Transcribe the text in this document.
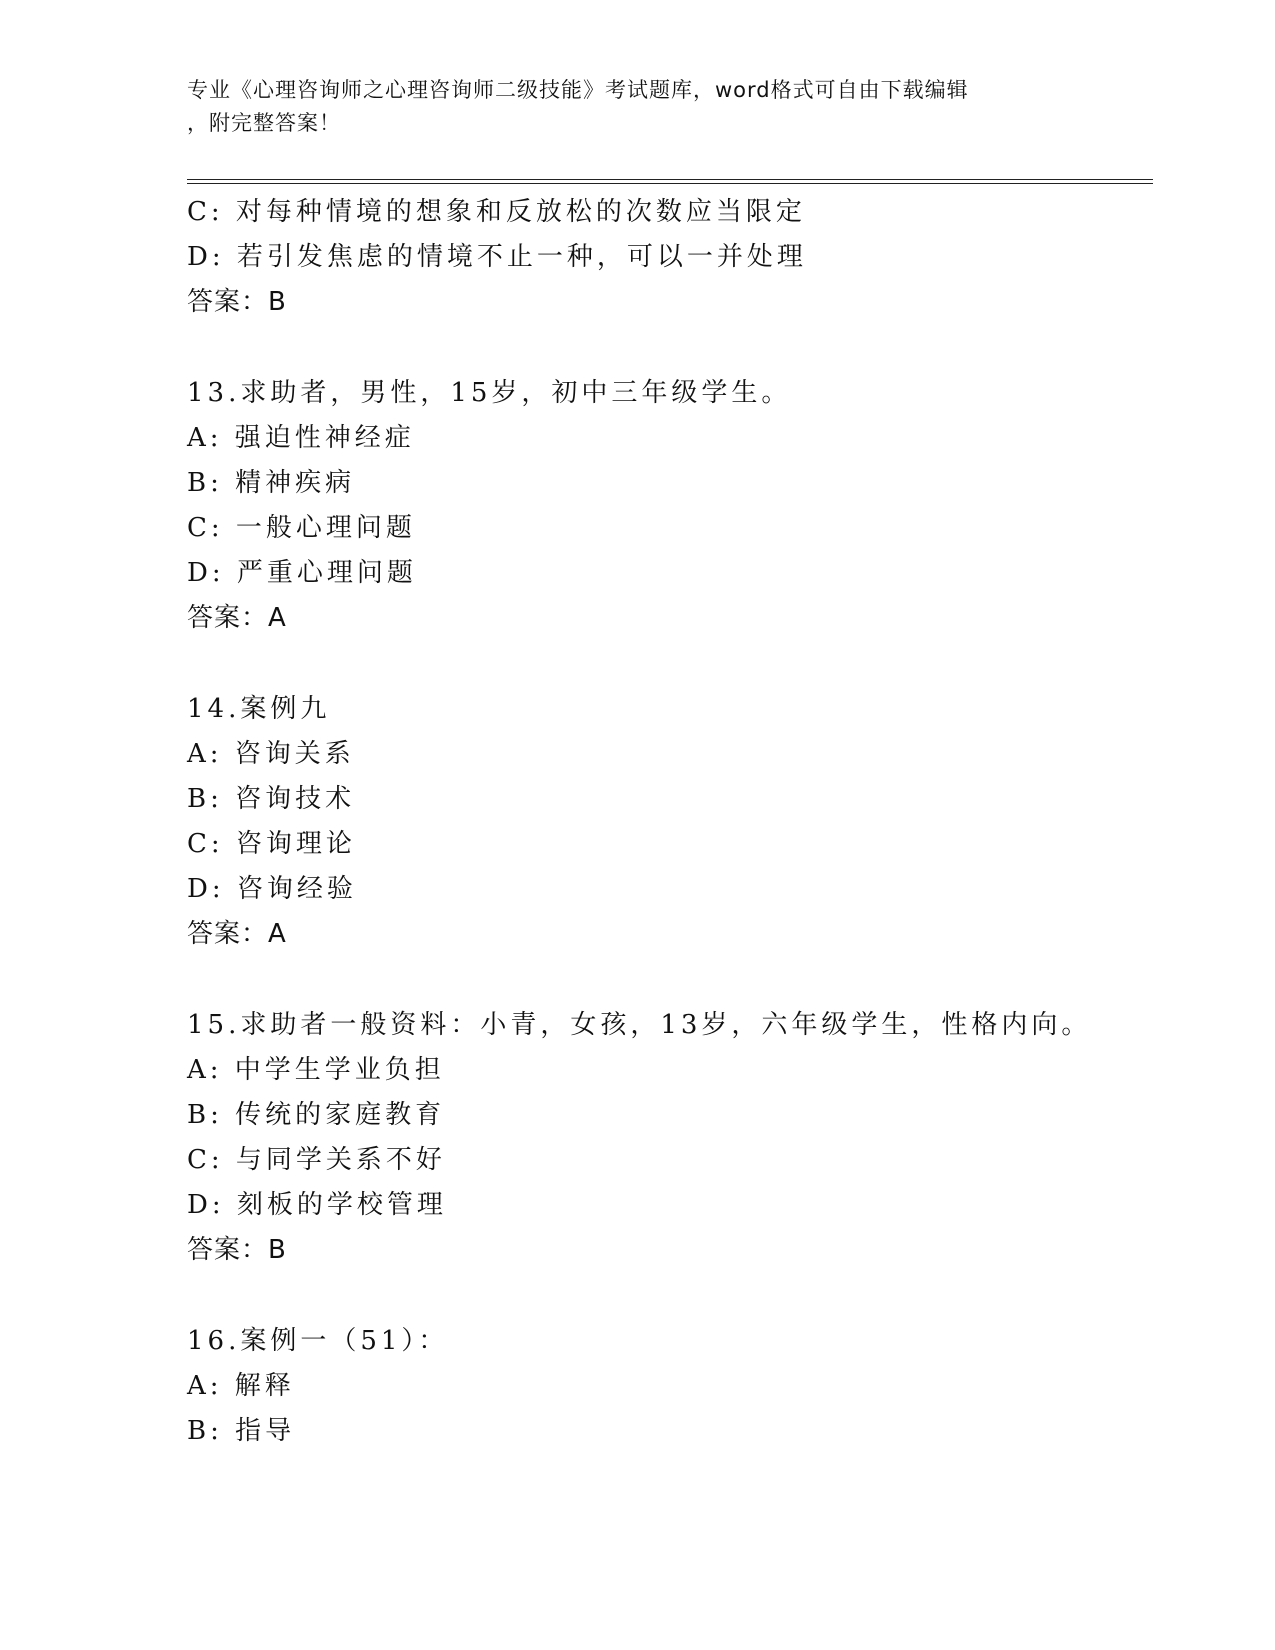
专业《心理咨询师之心理咨询师二级技能》考试题库，word格式可自由下载编辑
，附完整答案！
C: 对每种情境的想象和反放松的次数应当限定
D: 若引发焦虑的情境不止一种，可以一并处理
答案：B
13.求助者，男性，15岁，初中三年级学生。
A: 强迫性神经症
B: 精神疾病
C: 一般心理问题
D: 严重心理问题
答案：A
14.案例九
A: 咨询关系
B: 咨询技术
C: 咨询理论
D: 咨询经验
答案：A
15.求助者一般资料：小青，女孩，13岁，六年级学生，性格内向。
A: 中学生学业负担
B: 传统的家庭教育
C: 与同学关系不好
D: 刻板的学校管理
答案：B
16.案例一（51）：
A: 解释
B: 指导
